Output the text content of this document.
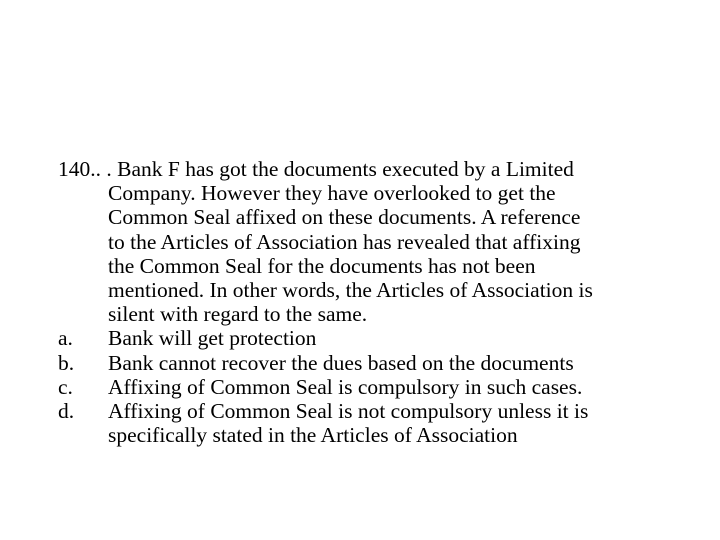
140.. . Bank F has got the documents executed by a Limited
Company. However they have overlooked to get the
Common Seal affixed on these documents. A reference
to the Articles of Association has revealed that affixing
the Common Seal for the documents has not been
mentioned. In other words, the Articles of Association is
silent with regard to the same.
a.	Bank will get protection
b.	Bank cannot recover the dues based on the documents
c.	Affixing of Common Seal is compulsory in such cases.
d.	Affixing of Common Seal is not compulsory unless it is
specifically stated in the Articles of Association
